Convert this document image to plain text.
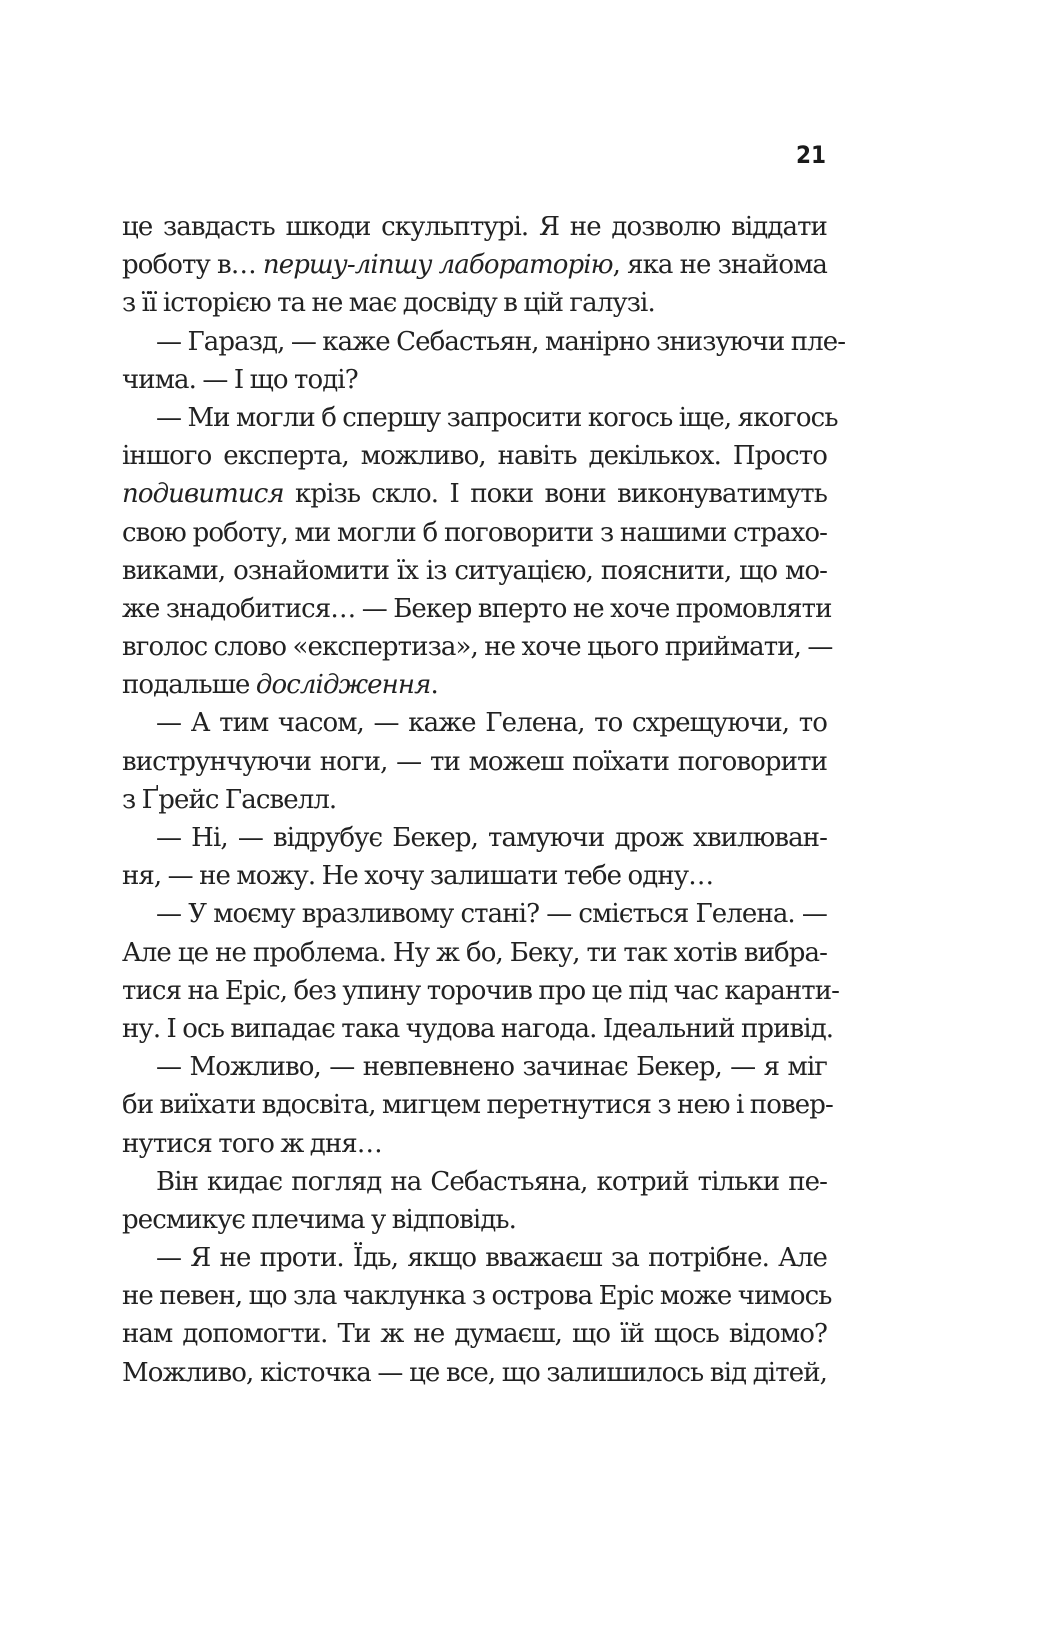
21
це завдасть шкоди скульптурі. Я не дозволю віддати
роботу в… першу-ліпшу лабораторію, яка не знайома
з її історією та не має досвіду в цій галузі.
— Гаразд, — каже Себастьян, манірно знизуючи пле-
чима. — І що тоді?
— Ми могли б спершу запросити когось іще, якогось
іншого експерта, можливо, навіть декількох. Просто
подивитися крізь скло. І поки вони виконуватимуть
свою роботу, ми могли б поговорити з нашими страхо-
виками, ознайомити їх із ситуацією, пояснити, що мо-
же знадобитися… — Бекер вперто не хоче промовляти
вголос слово «експертиза», не хоче цього приймати, —
подальше дослідження.
— А тим часом, — каже Гелена, то схрещуючи, то
виструнчуючи ноги, — ти можеш поїхати поговорити
з Ґрейс Гасвелл.
— Ні, — відрубує Бекер, тамуючи дрож хвилюван-
ня, — не можу. Не хочу залишати тебе одну…
— У моєму вразливому стані? — сміється Гелена. —
Але це не проблема. Ну ж бо, Беку, ти так хотів вибра-
тися на Еріс, без упину торочив про це під час каранти-
ну. І ось випадає така чудова нагода. Ідеальний привід.
— Можливо, — невпевнено зачинає Бекер, — я міг
би виїхати вдосвіта, мигцем перетнутися з нею і повер-
нутися того ж дня…
Він кидає погляд на Себастьяна, котрий тільки пе-
ресмикує плечима у відповідь.
— Я не проти. Їдь, якщо вважаєш за потрібне. Але
не певен, що зла чаклунка з острова Еріс може чимось
нам допомогти. Ти ж не думаєш, що їй щось відомо?
Можливо, кісточка — це все, що залишилось від дітей,
